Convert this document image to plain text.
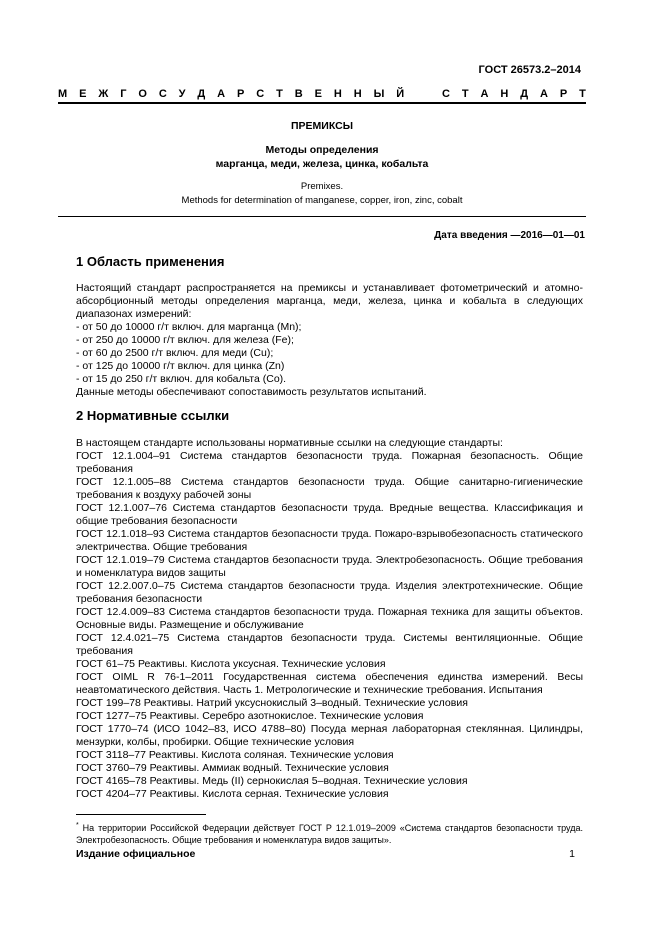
ГОСТ 26573.2–2014
М Е Ж Г О С У Д А Р С Т В Е Н Н Ы Й	С Т А Н Д А Р Т
ПРЕМИКСЫ
Методы определения
марганца, меди, железа, цинка, кобальта
Premixes.
Methods for determination of manganese, copper, iron, zinc, cobalt
Дата введения —2016—01—01
1 Область применения

Настоящий стандарт распространяется на премиксы и устанавливает фотометрический и атомно-абсорбционный методы определения марганца, меди, железа, цинка и кобальта в следующих диапазонах измерений:

- от 50 до 10000 г/т включ. для марганца (Mn);

- от 250 до 10000 г/т включ. для железа (Fe);

- от 60 до 2500 г/т включ. для меди (Cu);

- от 125 до 10000 г/т включ. для цинка (Zn)

- от 15 до 250 г/т включ. для кобальта (Co).

Данные методы обеспечивают сопоставимость результатов испытаний.

2 Нормативные ссылки

В настоящем стандарте использованы нормативные ссылки на следующие стандарты:

ГОСТ 12.1.004–91 Система стандартов безопасности труда. Пожарная безопасность. Общие требования

ГОСТ 12.1.005–88 Система стандартов безопасности труда. Общие санитарно-гигиенические требования к воздуху рабочей зоны

ГОСТ 12.1.007–76 Система стандартов безопасности труда. Вредные вещества. Классификация и общие требования безопасности

ГОСТ 12.1.018–93 Система стандартов безопасности труда. Пожаро-взрывобезопасность статического электричества. Общие требования

ГОСТ 12.1.019–79 Система стандартов безопасности труда. Электробезопасность. Общие требования и номенклатура видов защиты

ГОСТ 12.2.007.0–75 Система стандартов безопасности труда. Изделия электротехнические. Общие требования безопасности

ГОСТ 12.4.009–83 Система стандартов безопасности труда. Пожарная техника для защиты объектов. Основные виды. Размещение и обслуживание

ГОСТ 12.4.021–75 Система стандартов безопасности труда. Системы вентиляционные. Общие требования

ГОСТ 61–75 Реактивы. Кислота уксусная. Технические условия

ГОСТ OIML R 76-1–2011 Государственная система обеспечения единства измерений. Весы неавтоматического действия. Часть 1. Метрологические и технические требования. Испытания

ГОСТ 199–78 Реактивы. Натрий уксуснокислый 3–водный. Технические условия

ГОСТ 1277–75 Реактивы. Серебро азотнокислое. Технические условия

ГОСТ 1770–74 (ИСО 1042–83, ИСО 4788–80) Посуда мерная лабораторная стеклянная. Цилиндры, мензурки, колбы, пробирки. Общие технические условия

ГОСТ 3118–77 Реактивы. Кислота соляная. Технические условия

ГОСТ 3760–79 Реактивы. Аммиак водный. Технические условия

ГОСТ 4165–78 Реактивы. Медь (II) сернокислая 5–водная. Технические условия

ГОСТ 4204–77 Реактивы. Кислота серная. Технические условия

* На территории Российской Федерации действует ГОСТ Р 12.1.019–2009 «Система стандартов безопасности труда. Электробезопасность. Общие требования и номенклатура видов защиты».
Издание официальное	1
